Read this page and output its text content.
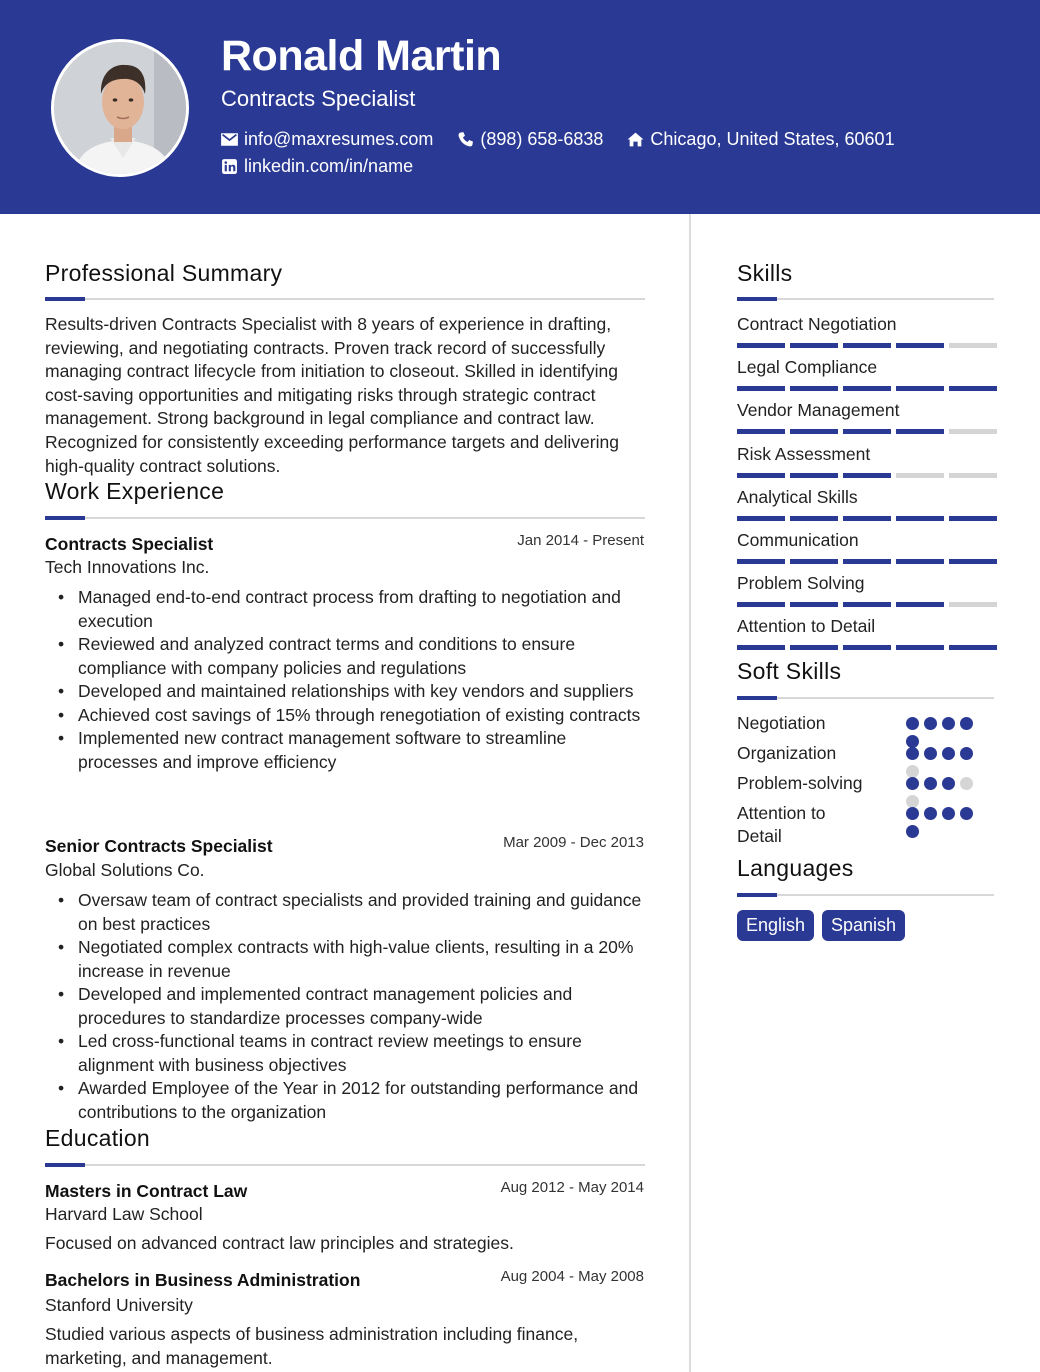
Ronald Martin
Contracts Specialist
info@maxresumes.com	(898) 658-6838	Chicago, United States, 60601
linkedin.com/in/name
Professional Summary
Results-driven Contracts Specialist with 8 years of experience in drafting, reviewing, and negotiating contracts. Proven track record of successfully managing contract lifecycle from initiation to closeout. Skilled in identifying cost-saving opportunities and mitigating risks through strategic contract management. Strong background in legal compliance and contract law. Recognized for consistently exceeding performance targets and delivering high-quality contract solutions.
Work Experience
Contracts Specialist	Jan 2014 - Present
Tech Innovations Inc.
• Managed end-to-end contract process from drafting to negotiation and execution
• Reviewed and analyzed contract terms and conditions to ensure compliance with company policies and regulations
• Developed and maintained relationships with key vendors and suppliers
• Achieved cost savings of 15% through renegotiation of existing contracts
• Implemented new contract management software to streamline processes and improve efficiency
Senior Contracts Specialist	Mar 2009 - Dec 2013
Global Solutions Co.
• Oversaw team of contract specialists and provided training and guidance on best practices
• Negotiated complex contracts with high-value clients, resulting in a 20% increase in revenue
• Developed and implemented contract management policies and procedures to standardize processes company-wide
• Led cross-functional teams in contract review meetings to ensure alignment with business objectives
• Awarded Employee of the Year in 2012 for outstanding performance and contributions to the organization
Education
Masters in Contract Law	Aug 2012 - May 2014
Harvard Law School
Focused on advanced contract law principles and strategies.
Bachelors in Business Administration	Aug 2004 - May 2008
Stanford University
Studied various aspects of business administration including finance, marketing, and management.
Skills
Contract Negotiation
Legal Compliance
Vendor Management
Risk Assessment
Analytical Skills
Communication
Problem Solving
Attention to Detail
Soft Skills
Negotiation
Organization
Problem-solving
Attention to Detail
Languages
English	Spanish
